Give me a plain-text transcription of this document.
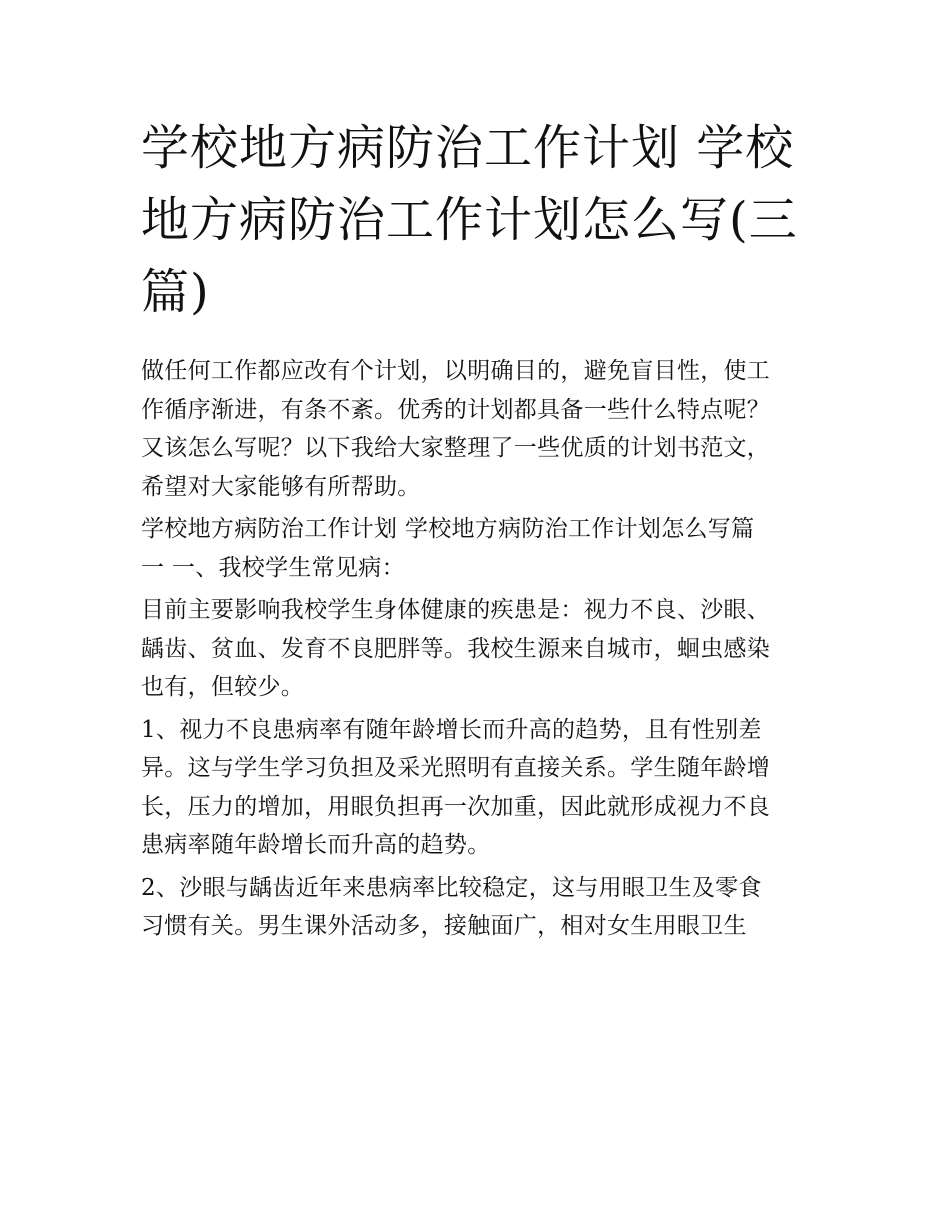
学校地方病防治工作计划 学校
地方病防治工作计划怎么写(三
篇)
做任何工作都应改有个计划，以明确目的，避免盲目性，使工
作循序渐进，有条不紊。优秀的计划都具备一些什么特点呢？
又该怎么写呢？以下我给大家整理了一些优质的计划书范文，
希望对大家能够有所帮助。
学校地方病防治工作计划 学校地方病防治工作计划怎么写篇
一 一、我校学生常见病：
目前主要影响我校学生身体健康的疾患是：视力不良、沙眼、
龋齿、贫血、发育不良肥胖等。我校生源来自城市，蛔虫感染
也有，但较少。
1、视力不良患病率有随年龄增长而升高的趋势，且有性别差
异。这与学生学习负担及采光照明有直接关系。学生随年龄增
长，压力的增加，用眼负担再一次加重，因此就形成视力不良
患病率随年龄增长而升高的趋势。
2、沙眼与龋齿近年来患病率比较稳定，这与用眼卫生及零食
习惯有关。男生课外活动多，接触面广，相对女生用眼卫生
